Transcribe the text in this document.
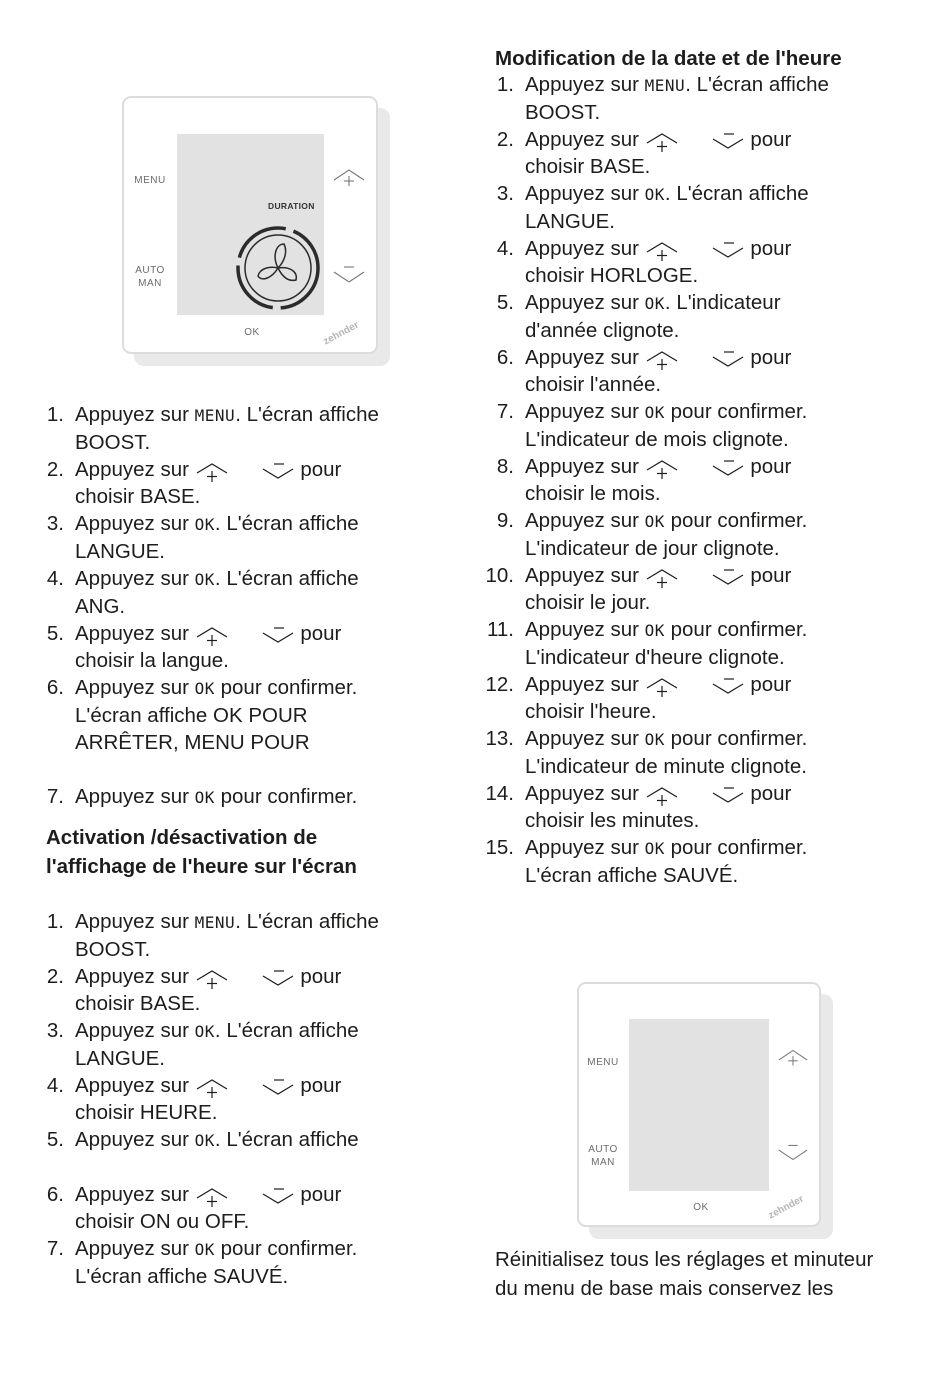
MENU
AUTO
MAN
OK
DURATION
zehnder
1 . Appuyez sur MENU. L'écran affiche
BOOST.
2 . Appuyez sur	pour
choisir BASE.
3 . Appuyez sur OK. L'écran affiche
LANGUE.
4 . Appuyez sur OK. L'écran affiche
ANG.
5 . Appuyez sur	pour
choisir la langue.
6 . Appuyez sur OK pour confirmer.
L'écran affiche OK POUR
ARRÊTER, MENU POUR

7 . Appuyez sur OK pour confirmer.
Activation /désactivation de
l'affichage de l'heure sur l'écran
1 . Appuyez sur MENU. L'écran affiche
BOOST.
2 . Appuyez sur	pour
choisir BASE.
3 . Appuyez sur OK. L'écran affiche
LANGUE.
4 . Appuyez sur	pour
choisir HEURE.
5 . Appuyez sur OK. L'écran affiche

6 . Appuyez sur	pour
choisir ON ou OFF.
7 . Appuyez sur OK pour confirmer.
L'écran affiche SAUVÉ.
Modification de la date et de l'heure
1 . Appuyez sur MENU. L'écran affiche
BOOST.
2 . Appuyez sur	pour
choisir BASE.
3 . Appuyez sur OK. L'écran affiche
LANGUE.
4 . Appuyez sur	pour
choisir HORLOGE.
5 . Appuyez sur OK. L'indicateur
d'année clignote.
6 . Appuyez sur	pour
choisir l'année.
7 . Appuyez sur OK pour confirmer.
L'indicateur de mois clignote.
8 . Appuyez sur	pour
choisir le mois.
9 . Appuyez sur OK pour confirmer.
L'indicateur de jour clignote.
10 . Appuyez sur	pour
choisir le jour.
11 . Appuyez sur OK pour confirmer.
L'indicateur d'heure clignote.
12 . Appuyez sur	pour
choisir l'heure.
13 . Appuyez sur OK pour confirmer.
L'indicateur de minute clignote.
14 . Appuyez sur	pour
choisir les minutes.
15 . Appuyez sur OK pour confirmer.
L'écran affiche SAUVÉ.
MENU
AUTO
MAN
OK	zehnder
Réinitialisez tous les réglages et minuteur
du menu de base mais conservez les
